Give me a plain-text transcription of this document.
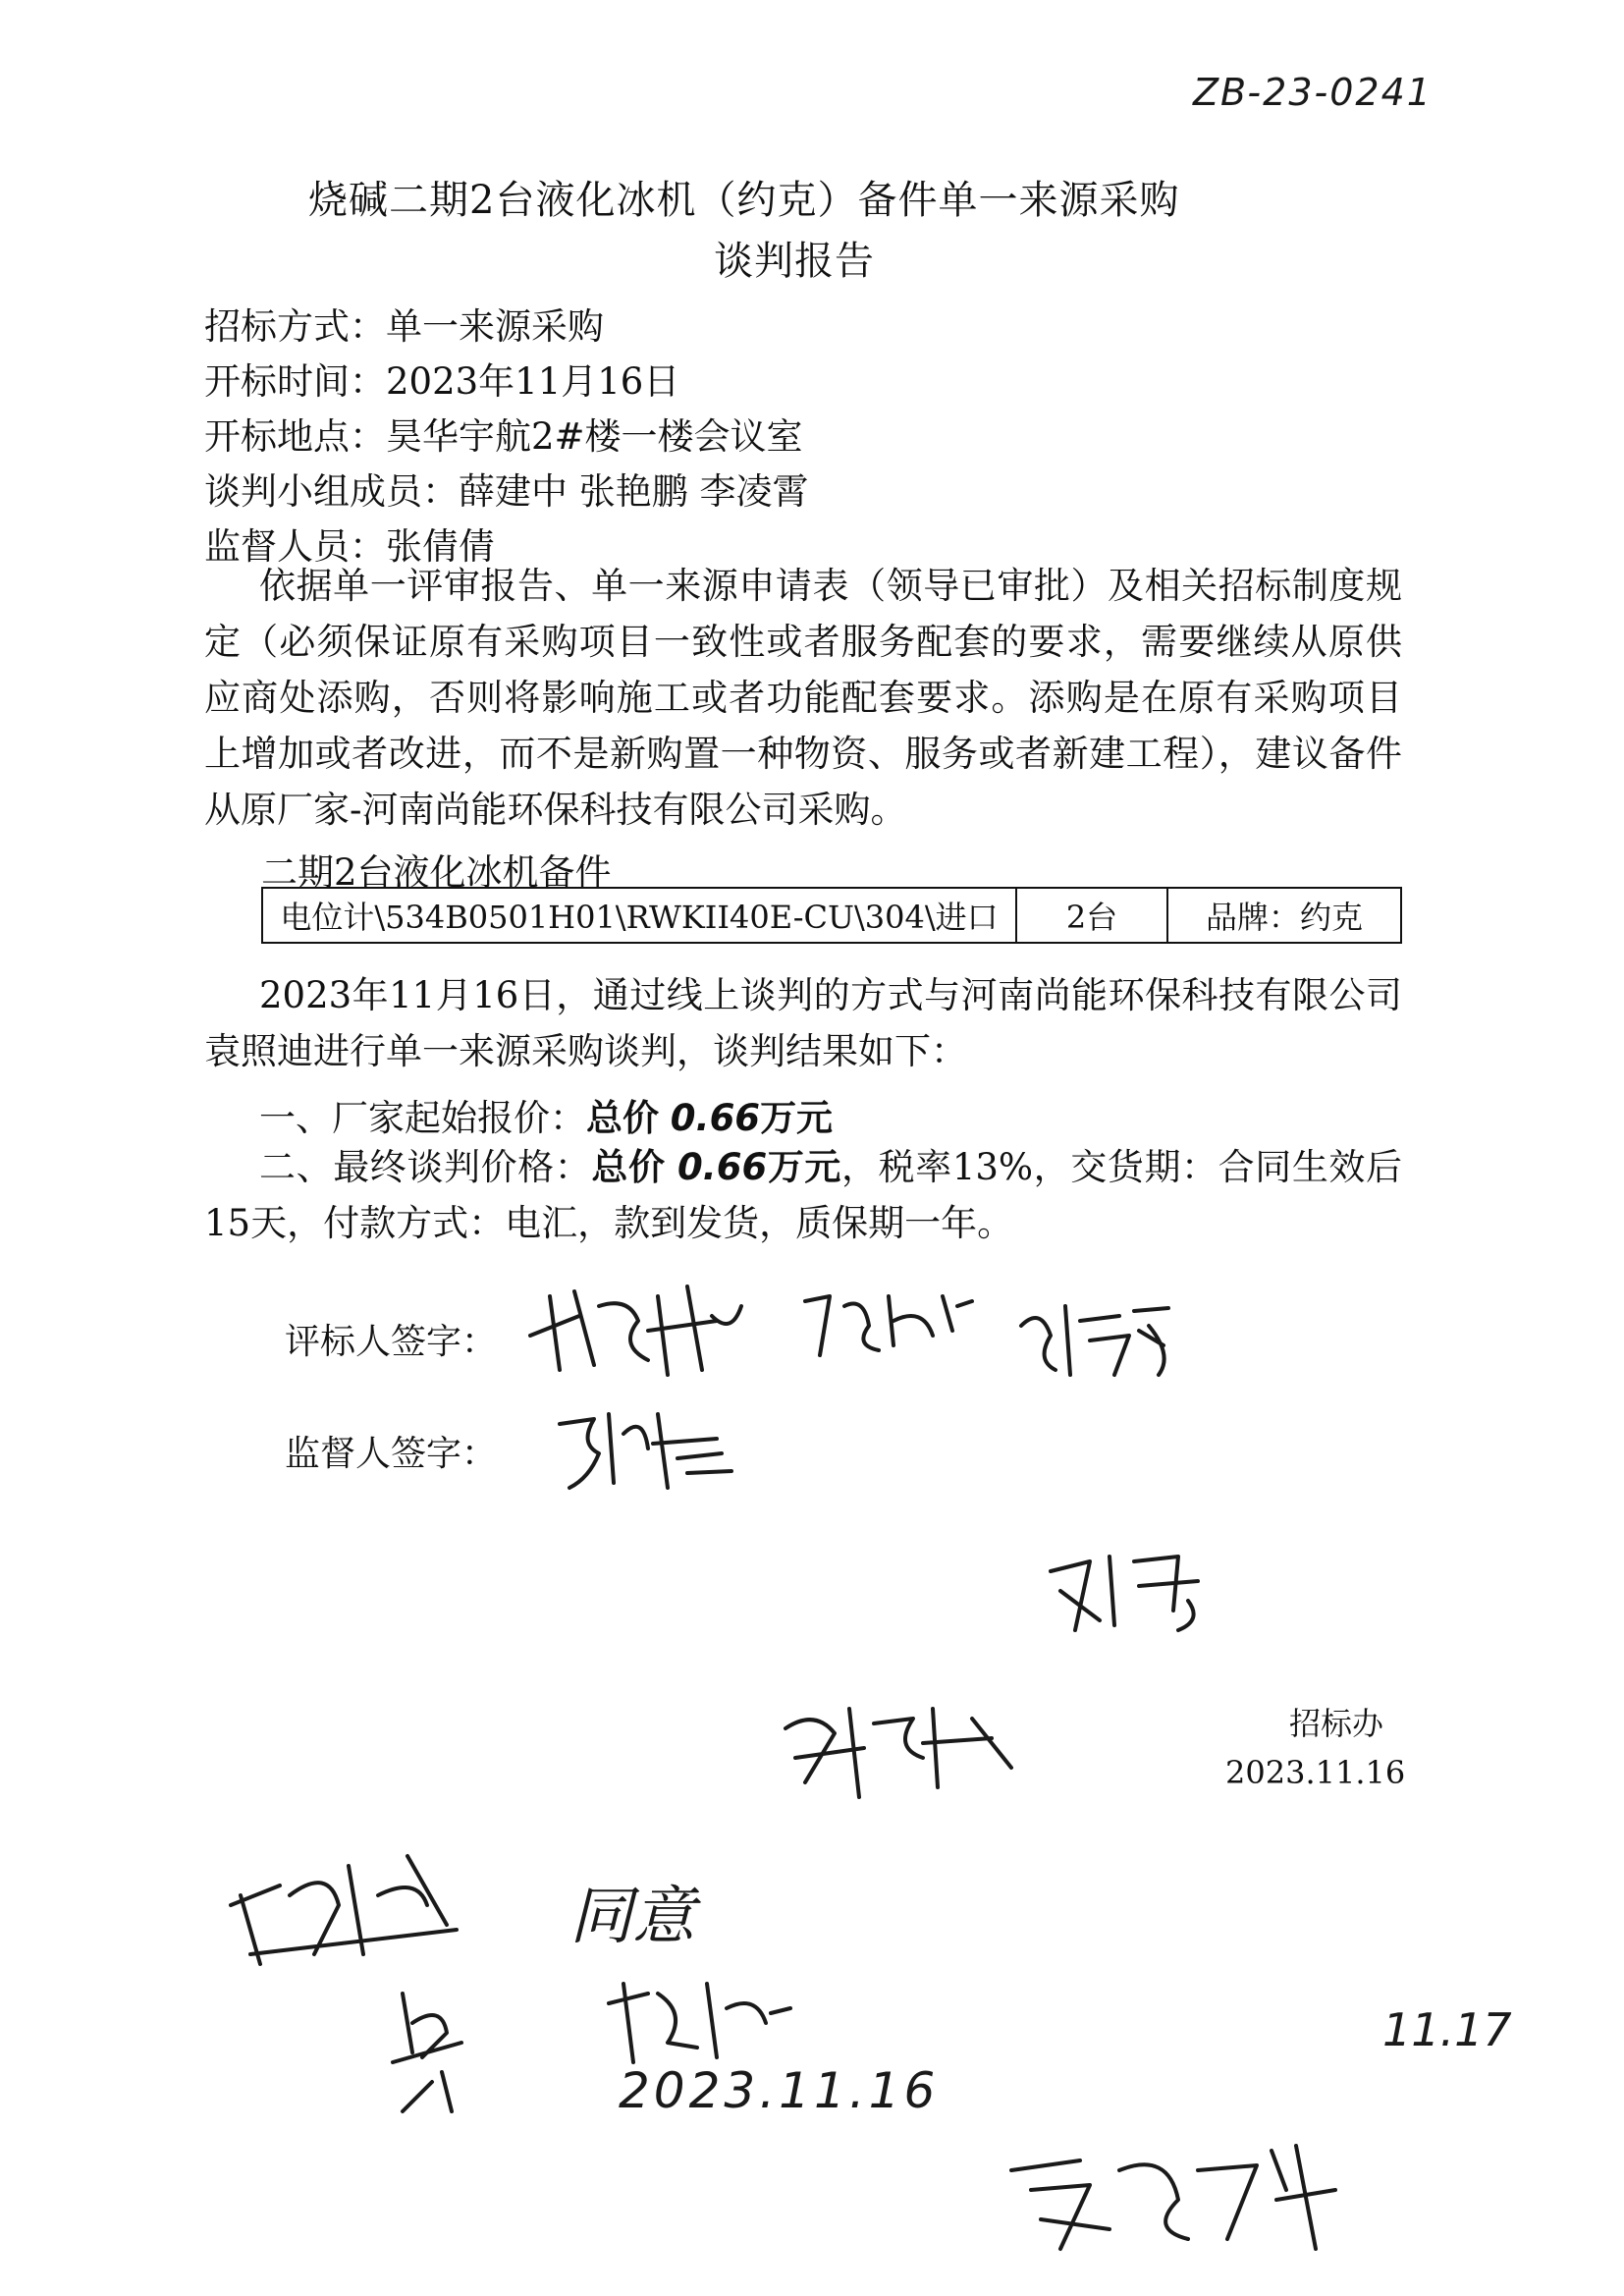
ZB-23-0241
烧碱二期2台液化冰机（约克）备件单一来源采购
谈判报告
招标方式：单一来源采购
开标时间：2023年11月16日
开标地点：昊华宇航2#楼一楼会议室
谈判小组成员：薛建中 张艳鹏 李凌霄
监督人员：张倩倩
依据单一评审报告、单一来源申请表（领导已审批）及相关招标制度规定（必须保证原有采购项目一致性或者服务配套的要求，需要继续从原供应商处添购，否则将影响施工或者功能配套要求。添购是在原有采购项目上增加或者改进，而不是新购置一种物资、服务或者新建工程），建议备件从原厂家-河南尚能环保科技有限公司采购。
二期2台液化冰机备件
电位计\534B0501H01\RWKII40E-CU\304\进口	2台	品牌：约克
2023年11月16日，通过线上谈判的方式与河南尚能环保科技有限公司袁照迪进行单一来源采购谈判，谈判结果如下：
一、厂家起始报价：总价 0.66万元
二、最终谈判价格：总价 0.66万元，税率13%，交货期：合同生效后15天，付款方式：电汇，款到发货，质保期一年。
评标人签字：
监督人签字：
招标办
2023.11.16
同意
2023.11.16
11.17
